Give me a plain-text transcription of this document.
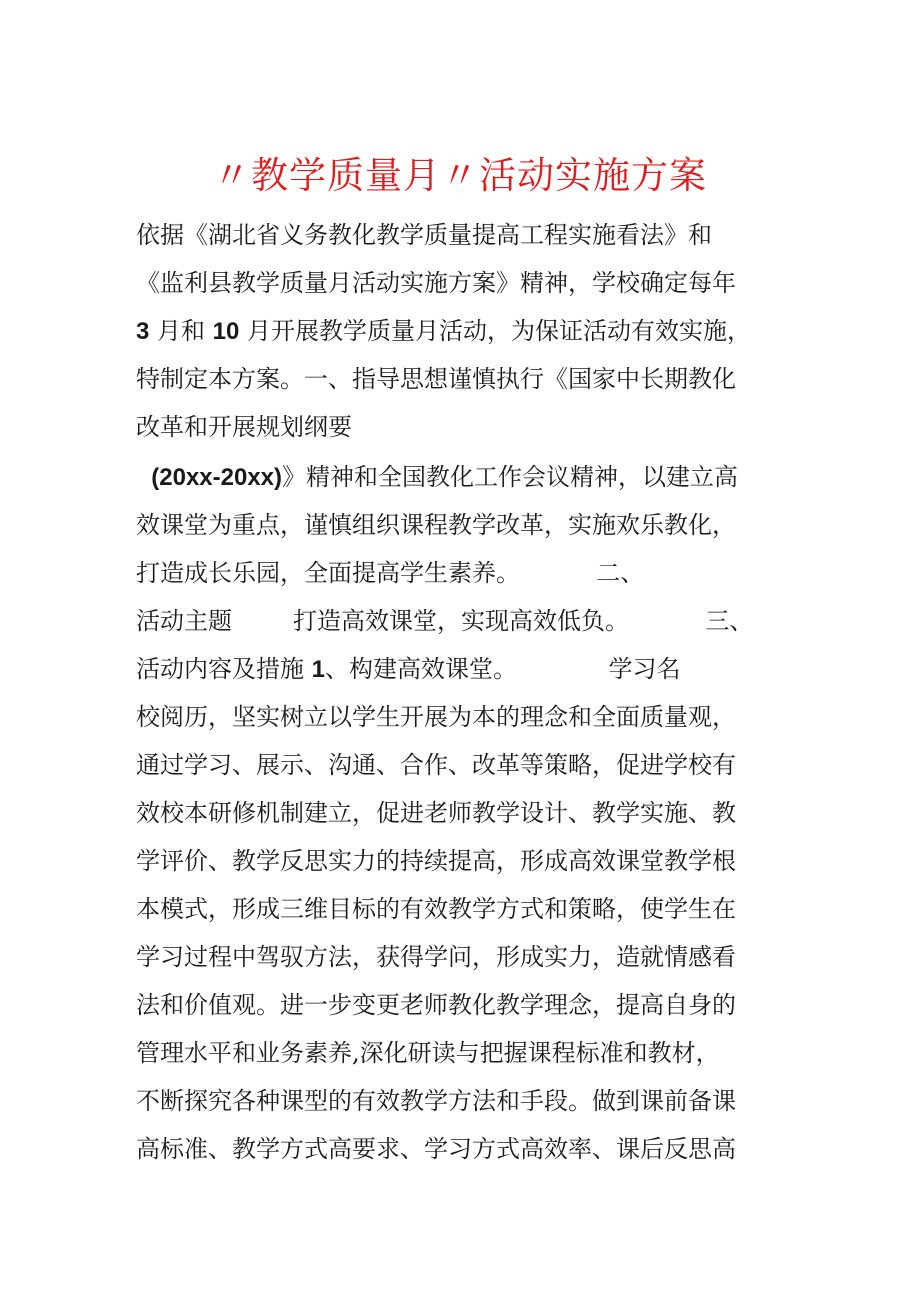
〃教学质量月〃活动实施方案
依据《湖北省义务教化教学质量提高工程实施看法》和
《监利县教学质量月活动实施方案》精神，学校确定每年
3 月和 10 月开展教学质量月活动，为保证活动有效实施，
特制定本方案。一、指导思想谨慎执行《国家中长期教化
改革和开展规划纲要
(20xx-20xx)》精神和全国教化工作会议精神，以建立高
效课堂为重点，谨慎组织课程教学改革，实施欢乐教化，
打造成长乐园，全面提高学生素养。          二、
活动主题        打造高效课堂，实现高效低负。          三、
活动内容及措施 1、构建高效课堂。            学习名
校阅历，坚实树立以学生开展为本的理念和全面质量观，
通过学习、展示、沟通、合作、改革等策略，促进学校有
效校本研修机制建立，促进老师教学设计、教学实施、教
学评价、教学反思实力的持续提高，形成高效课堂教学根
本模式，形成三维目标的有效教学方式和策略，使学生在
学习过程中驾驭方法，获得学问，形成实力，造就情感看
法和价值观。进一步变更老师教化教学理念，提高自身的
管理水平和业务素养,深化研读与把握课程标准和教材，
不断探究各种课型的有效教学方法和手段。做到课前备课
高标准、教学方式高要求、学习方式高效率、课后反思高
